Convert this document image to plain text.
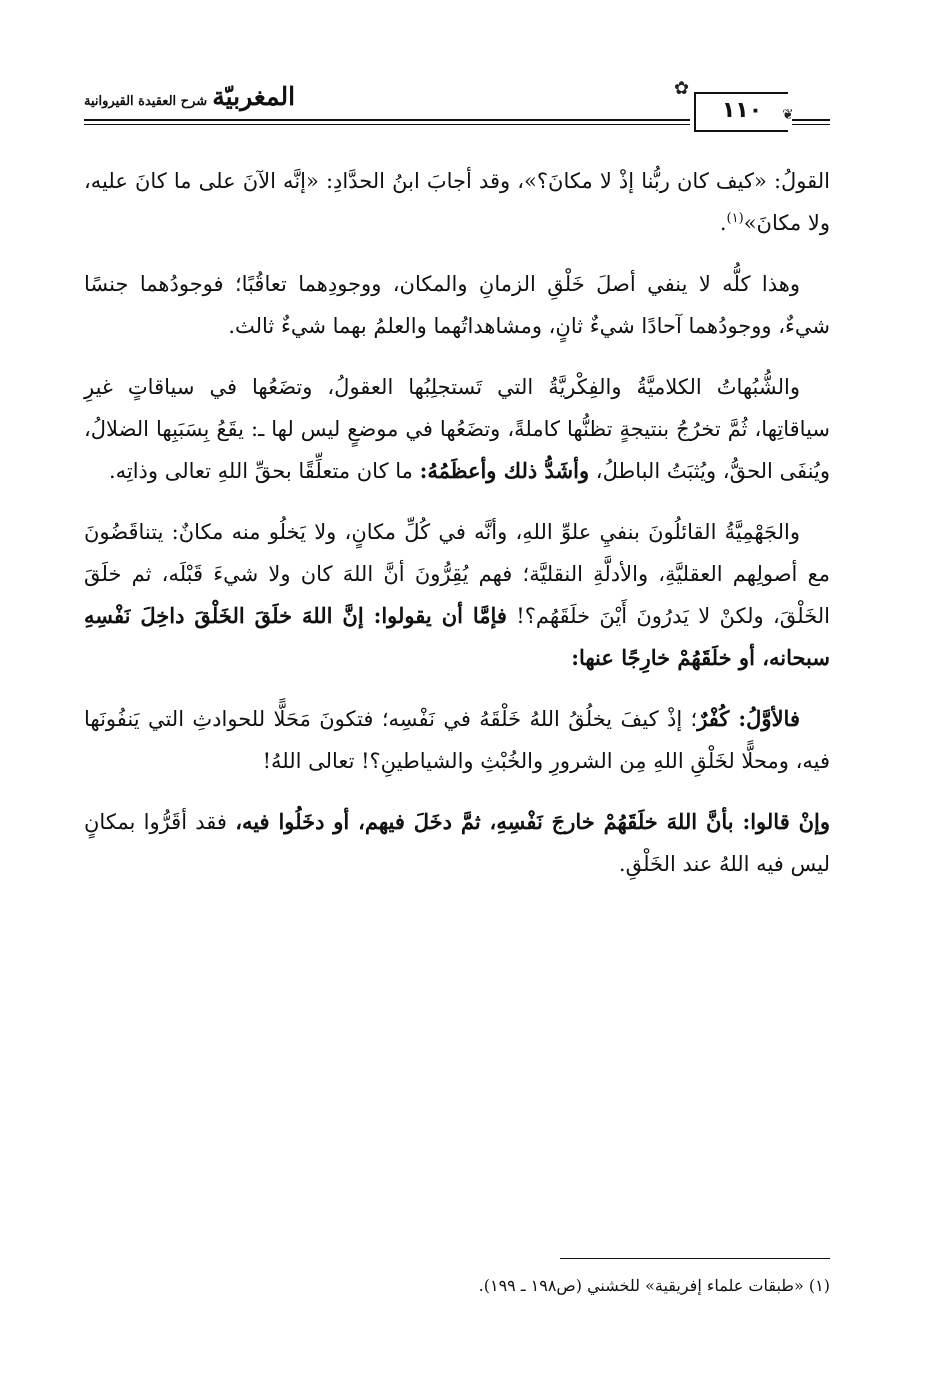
المغربيّة شرح العقيدة القيروانية
✿
١١٠	❦

القولُ: «كيف كان ربُّنا إذْ لا مكانَ؟»، وقد أجابَ ابنُ الحدَّادِ: «إنَّه الآنَ على ما كانَ عليه، ولا مكانَ»$^{(١)}$.

وهذا كلُّه لا ينفي أصلَ خَلْقِ الزمانِ والمكان، ووجودِهما تعاقُبًا؛ فوجودُهما جنسًا شيءٌ، ووجودُهما آحادًا شيءٌ ثانٍ، ومشاهداتُهما والعلمُ بهما شيءٌ ثالث.

والشُّبُهاتُ الكلاميَّةُ والفِكْريَّةُ التي تَستجلِبُها العقولُ، وتضَعُها في سياقاتٍ غيرِ سياقاتِها، ثُمَّ تخرُجُ بنتيجةٍ تظنُّها كاملةً، وتضَعُها في موضعٍ ليس لها ـ: يقَعُ بِسَبَبِها الضلالُ، ويُنفَى الحقُّ، ويُثبَتُ الباطلُ، وأشَدُّ ذلك وأعظَمُهُ: ما كان متعلِّقًا بحقِّ اللهِ تعالى وذاتِه.

والجَهْمِيَّةُ القائلُونَ بنفيِ علوِّ اللهِ، وأنَّه في كُلِّ مكانٍ، ولا يَخلُو منه مكانٌ: يتناقَضُونَ مع أصولِهم العقليَّةِ، والأدلَّةِ النقليَّة؛ فهم يُقِرُّونَ أنَّ اللهَ كان ولا شيءَ قَبْلَه، ثم خلَقَ الخَلْقَ، ولكنْ لا يَدرُونَ أَيْنَ خلَقَهُم؟! فإمَّا أن يقولوا: إنَّ اللهَ خلَقَ الخَلْقَ داخِلَ نَفْسِهِ سبحانه، أو خلَقَهُمْ خارِجًا عنها:

فالأوَّلُ: كُفْرٌ؛ إذْ كيفَ يخلُقُ اللهُ خَلْقَهُ في نَفْسِه؛ فتكونَ مَحَلًّا للحوادثِ التي يَنفُونَها فيه، ومحلًّا لخَلْقِ اللهِ مِن الشرورِ والخُبْثِ والشياطينِ؟! تعالى اللهُ!

وإنْ قالوا: بأنَّ اللهَ خلَقَهُمْ خارجَ نَفْسِهِ، ثمَّ دخَلَ فيهم، أو دخَلُوا فيه، فقد أقَرُّوا بمكانٍ ليس فيه اللهُ عند الخَلْقِ.

(١) «طبقات علماء إفريقية» للخشني (ص١٩٨ ـ ١٩٩).
